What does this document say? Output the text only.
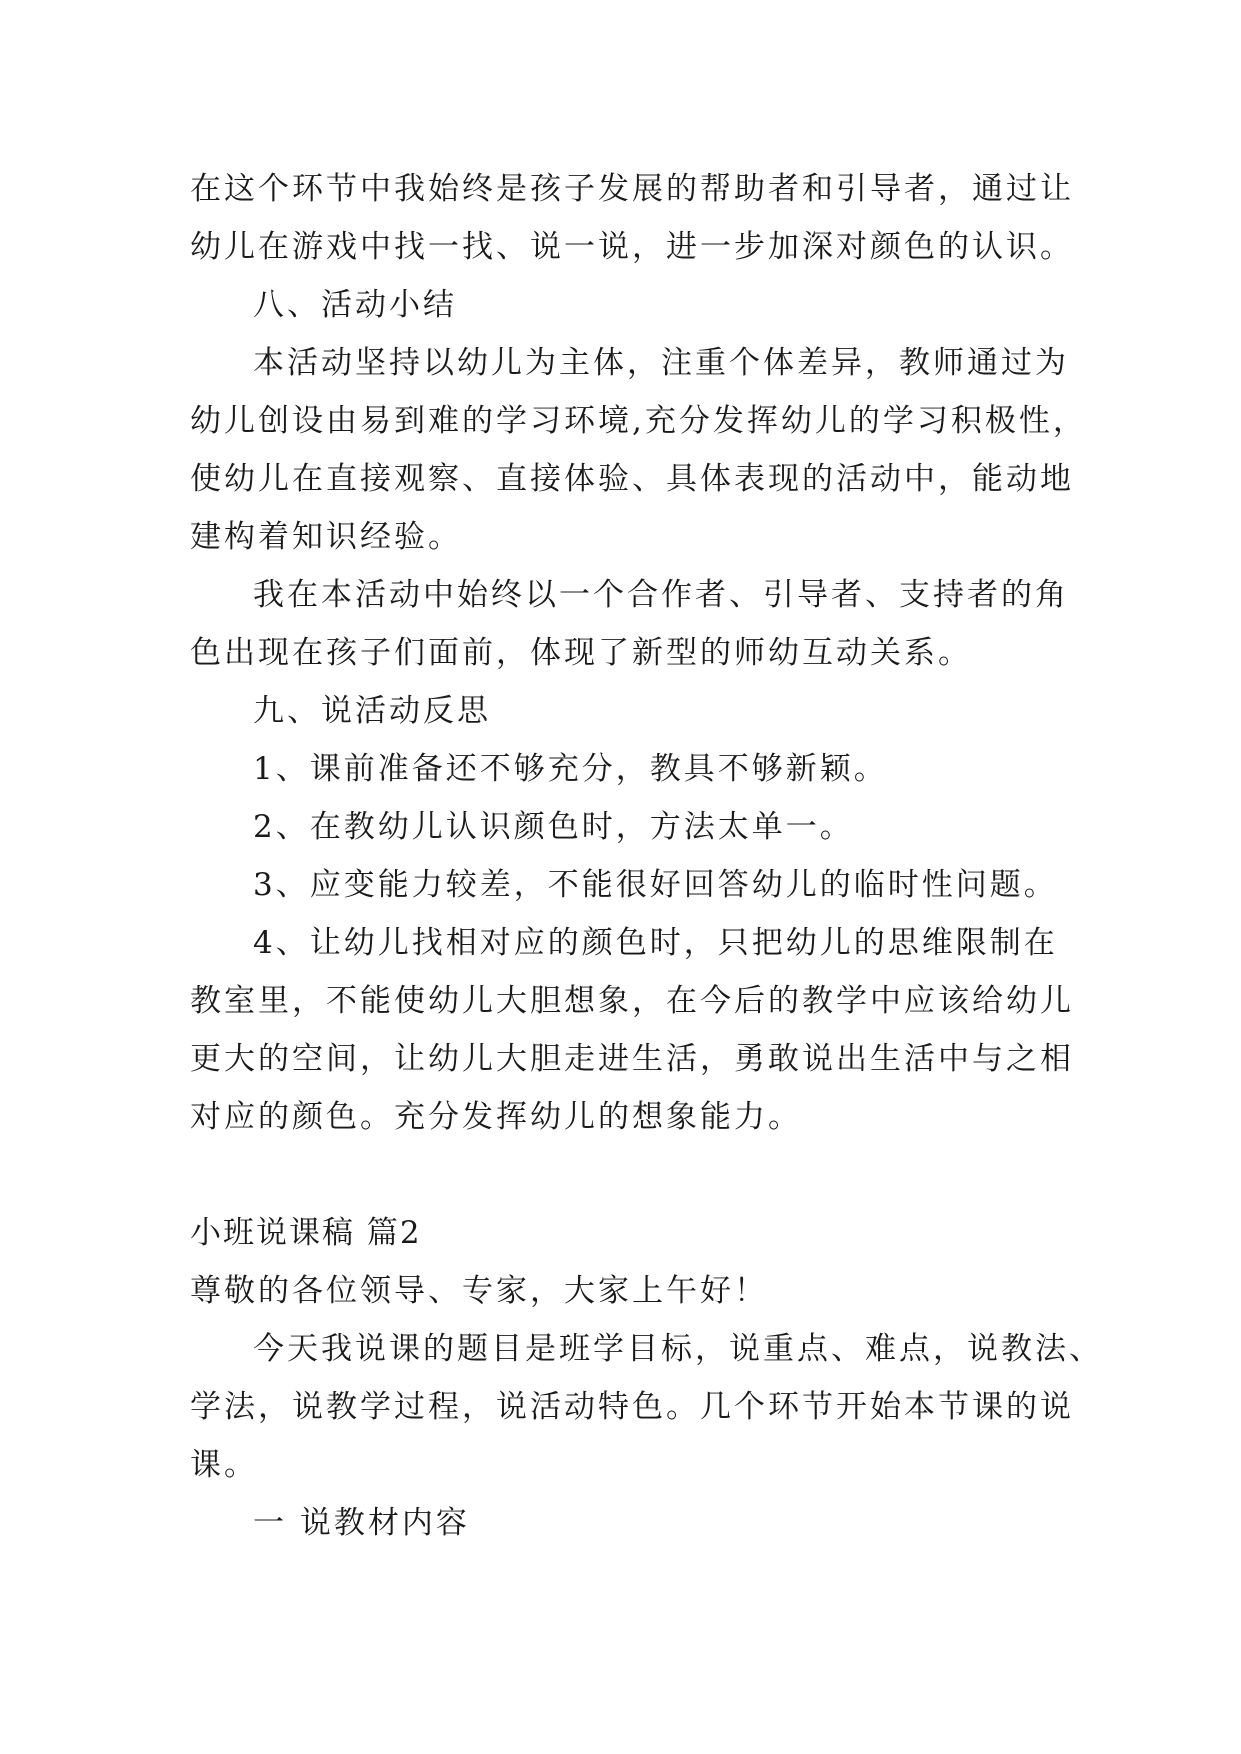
在这个环节中我始终是孩子发展的帮助者和引导者，通过让

幼儿在游戏中找一找、说一说，进一步加深对颜色的认识。

八、活动小结

本活动坚持以幼儿为主体，注重个体差异，教师通过为

幼儿创设由易到难的学习环境,充分发挥幼儿的学习积极性，

使幼儿在直接观察、直接体验、具体表现的活动中，能动地

建构着知识经验。

我在本活动中始终以一个合作者、引导者、支持者的角

色出现在孩子们面前，体现了新型的师幼互动关系。

九、说活动反思

1、课前准备还不够充分，教具不够新颖。

2、在教幼儿认识颜色时，方法太单一。

3、应变能力较差，不能很好回答幼儿的临时性问题。

4、让幼儿找相对应的颜色时，只把幼儿的思维限制在

教室里，不能使幼儿大胆想象，在今后的教学中应该给幼儿

更大的空间，让幼儿大胆走进生活，勇敢说出生活中与之相

对应的颜色。充分发挥幼儿的想象能力。

小班说课稿 篇2

尊敬的各位领导、专家，大家上午好！

今天我说课的题目是班学目标，说重点、难点，说教法、

学法，说教学过程，说活动特色。几个环节开始本节课的说

课。

一 说教材内容
